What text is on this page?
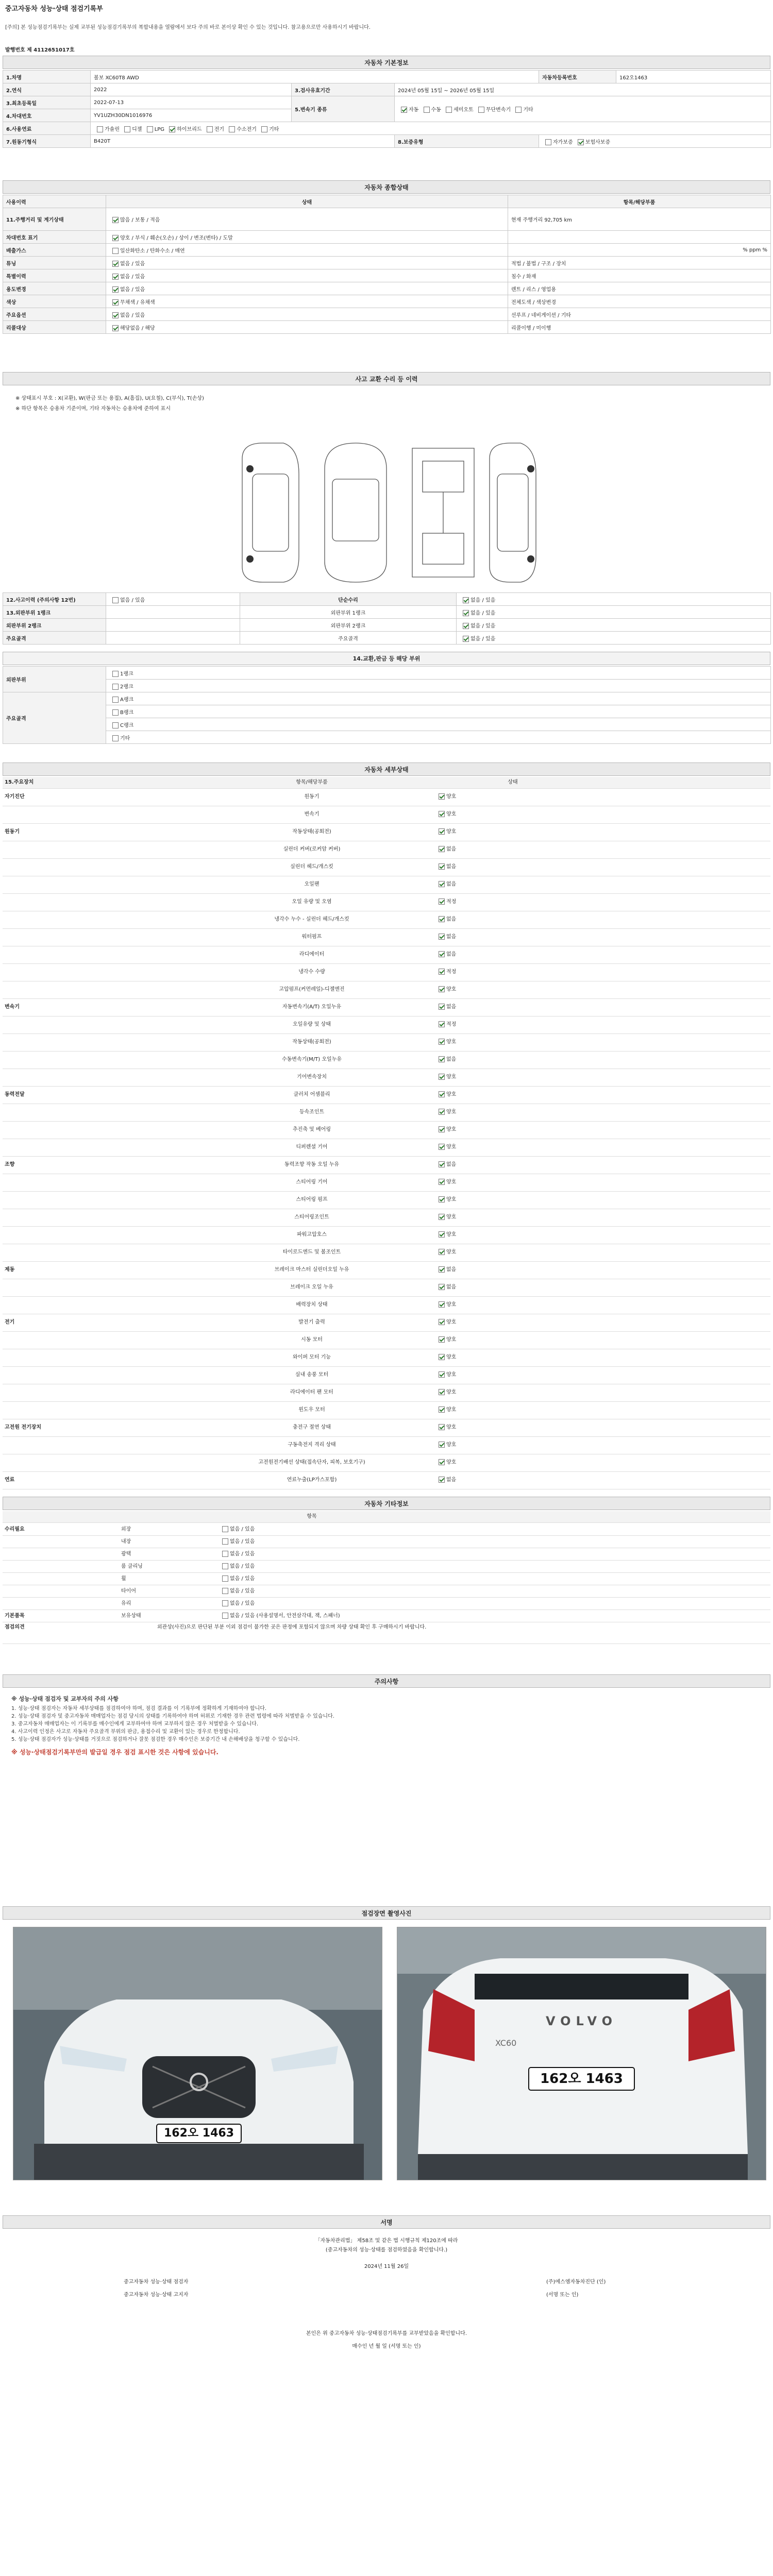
중고자동차 성능·상태 점검기록부
[주의] 본 성능점검기록부는 실제 교부된 성능점검기록부의 복합내용을 열람에서 보다 주의 바로 본이상 확인 수 있는 것입니다. 참고용으로만 사용하시기 바랍니다.
발행번호 제 4112651017호
자동차 기본정보
1.차명	볼보 XC60T8 AWD			자동차등록번호	162오1463
2.연식	2022	3.검사유효기간	2024년 05월 15일 ~ 2026년 05월 15일		
3.최초등록일	2022-07-13	5.변속기 종류	자동 수동 세미오토 무단변속기 기타		
4.차대번호	YV1UZH30DN1016976				
6.사용연료	가솔린 디젤 LPG 하이브리드 전기 수소전기 기타				
7.원동기형식	B420T		8.보증유형	자가보증 보험사보증	
자동차 종합상태
사용이력	상태	항목/해당부품
11.주행거리 및 계기상태	많음 / 보통 / 적음	현재 주행거리 92,705 km
차대번호 표기	양호 / 부식 / 훼손(오손) / 상이 / 변조(변타) / 도말	
배출가스	일산화탄소 / 탄화수소 / 매연	% ppm %
튜닝	없음 / 있음	적법 / 불법 / 구조 / 장치
특별이력	없음 / 있음	침수 / 화재
용도변경	없음 / 있음	렌트 / 리스 / 영업용
색상	무채색 / 유채색	전체도색 / 색상변경
주요옵션	없음 / 있음	선루프 / 네비게이션 / 기타
리콜대상	해당없음 / 해당	리콜이행 / 미이행
사고 교환 수리 등 이력
※ 상태표시 부호 : X(교환), W(판금 또는 용접), A(흠집), U(요철), C(부식), T(손상)
※ 하단 항목은 승용차 기준이며, 기타 자동차는 승용차에 준하여 표시
12.사고이력 (주의사항 12번)	없음 / 있음	단순수리	없음 / 있음
13.외판부위 1랭크		외판부위 1랭크	없음 / 있음
외판부위 2랭크		외판부위 2랭크	없음 / 있음
주요골격		주요골격	없음 / 있음
14.교환,판금 등 해당 부위
외판부위	1랭크
	2랭크
주요골격	A랭크
	B랭크
	C랭크
	기타
자동차 세부상태
15.주요장치	항목/해당부품	상태
자기진단	원동기	양호
변속기	양호
원동기	작동상태(공회전)	양호
실린더 커버(로커암 커버)	없음
실린더 헤드/개스킷	없음
오일팬	없음
오일 유량 및 오염	적정
냉각수 누수 - 실린더 헤드/개스킷	없음
워터펌프	없음
라디에이터	없음
냉각수 수량	적정
고압펌프(커먼레일)-디젤엔진	양호
변속기	자동변속기(A/T) 오일누유	없음
오일유량 및 상태	적정
작동상태(공회전)	양호
수동변속기(M/T) 오일누유	없음
기어변속장치	양호
동력전달	클러치 어셈블리	양호
등속조인트	양호
추진축 및 베어링	양호
디퍼렌셜 기어	양호
조향	동력조향 작동 오일 누유	없음
스티어링 기어	양호
스티어링 펌프	양호
스티어링조인트	양호
파워고압호스	양호
타이로드엔드 및 볼조인트	양호
제동	브레이크 마스터 실린더오일 누유	없음
브레이크 오일 누유	없음
배력장치 상태	양호
전기	발전기 출력	양호
시동 모터	양호
와이퍼 모터 기능	양호
실내 송풍 모터	양호
라디에이터 팬 모터	양호
윈도우 모터	양호
고전원 전기장치	충전구 절연 상태	양호
구동축전지 격리 상태	양호
고전원전기배선 상태(접속단자, 피복, 보호기구)	양호
연료	연료누출(LP가스포함)	없음
자동차 기타정보
항목
수리필요	외장	없음 / 있음
내장	없음 / 있음
광택	없음 / 있음
룸 클리닝	없음 / 있음
휠	없음 / 있음
타이어	없음 / 있음
유리	없음 / 있음
기본품목	보유상태	없음 / 있음 (사용설명서, 안전삼각대, 잭, 스패너)
점검의견	외관상(사진)으로 판단된 부분 이외 점검이 불가한 곳은 판정에 포함되지 않으며 차량 상태 확인 후 구매하시기 바랍니다.
주의사항
※ 성능·상태 점검자 및 교부자의 주의 사항
1. 성능·상태 점검자는 자동차 세부상태를 점검하여야 하며, 점검 결과를 이 기록부에 정확하게 기재하여야 합니다.
2. 성능·상태 점검자 및 중고자동차 매매업자는 점검 당시의 상태를 기록하여야 하며 허위로 기재한 경우 관련 법령에 따라 처벌받을 수 있습니다.
3. 중고자동차 매매업자는 이 기록부를 매수인에게 교부하여야 하며 교부하지 않은 경우 처벌받을 수 있습니다.
4. 사고이력 인정은 사고로 자동차 주요골격 부위의 판금, 용접수리 및 교환이 있는 경우로 한정합니다.
5. 성능·상태 점검자가 성능·상태를 거짓으로 점검하거나 잘못 점검한 경우 매수인은 보증기간 내 손해배상을 청구할 수 있습니다.
※ 성능·상태점검기록부만의 발급일 경우 점검 표시한 것은 사항에 있습니다.
점검장면 촬영사진
162오 1463
VOLVO
XC60
162오 1463
서명
「자동차관리법」 제58조 및 같은 법 시행규칙 제120조에 따라
(중고자동차의 성능·상태를 점검하였음을 확인합니다.)
2024년 11월 26일
중고자동차 성능·상태 점검자	(주)에스엠자동차진단 (인)
중고자동차 성능·상태 고지자	(서명 또는 인)
본인은 위 중고자동차 성능·상태점검기록부를 교부받았음을 확인합니다.
매수인 년 월 일 (서명 또는 인)
